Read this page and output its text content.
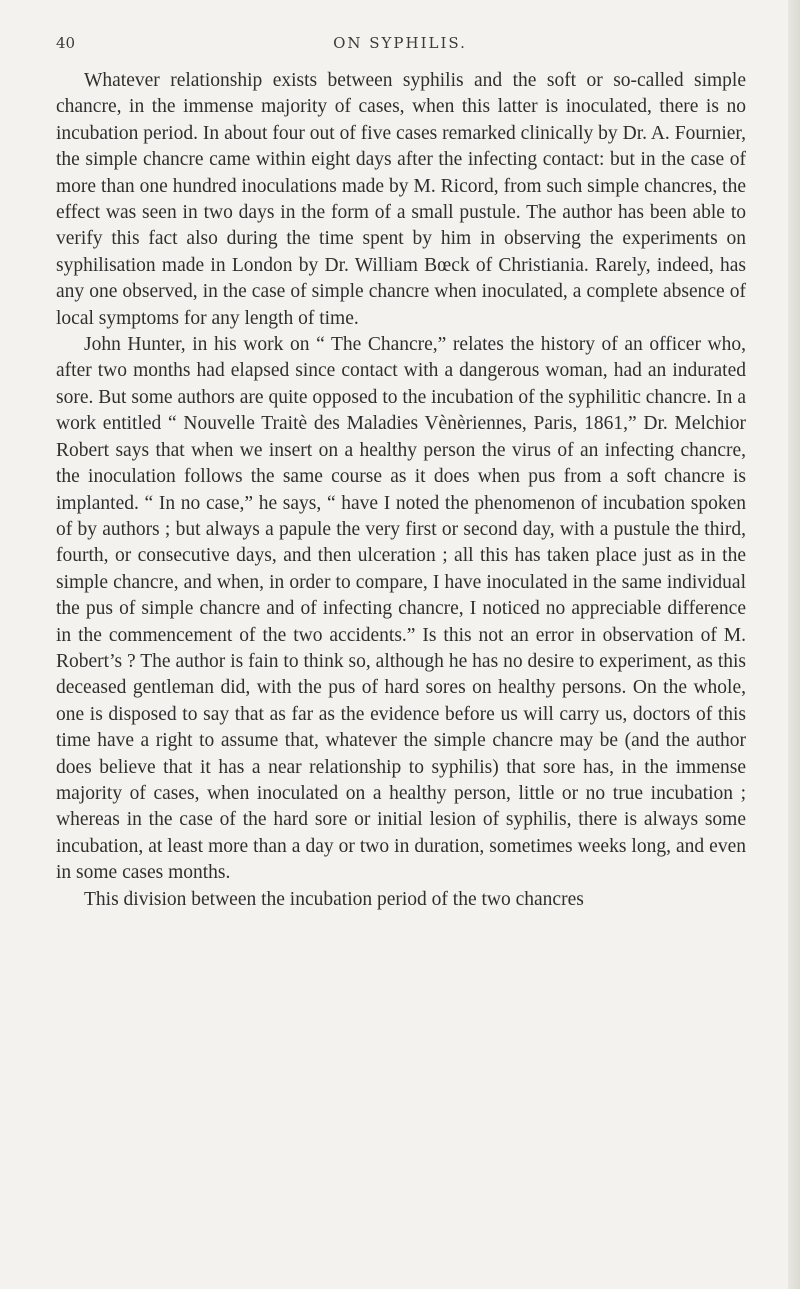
40	ON SYPHILIS.

Whatever relationship exists between syphilis and the soft or so-called simple chancre, in the immense majority of cases, when this latter is inoculated, there is no incubation period. In about four out of five cases remarked clinically by Dr. A. Fournier, the simple chancre came within eight days after the infecting contact: but in the case of more than one hundred inoculations made by M. Ricord, from such simple chancres, the effect was seen in two days in the form of a small pustule. The author has been able to verify this fact also during the time spent by him in observing the experiments on syphilisation made in London by Dr. William Bœck of Christiania. Rarely, indeed, has any one observed, in the case of simple chancre when inoculated, a complete absence of local symptoms for any length of time.

John Hunter, in his work on “ The Chancre,” relates the history of an officer who, after two months had elapsed since contact with a dangerous woman, had an indurated sore. But some authors are quite opposed to the incubation of the syphilitic chancre. In a work entitled “ Nouvelle Traitè des Maladies Vènèriennes, Paris, 1861,” Dr. Melchior Robert says that when we insert on a healthy person the virus of an infecting chancre, the inoculation follows the same course as it does when pus from a soft chancre is implanted. “ In no case,” he says, “ have I noted the phenomenon of incubation spoken of by authors ; but always a papule the very first or second day, with a pustule the third, fourth, or consecutive days, and then ulceration ; all this has taken place just as in the simple chancre, and when, in order to compare, I have inoculated in the same individual the pus of simple chancre and of infecting chancre, I noticed no appreciable difference in the commencement of the two accidents.” Is this not an error in observation of M. Robert’s ? The author is fain to think so, although he has no desire to experiment, as this deceased gentleman did, with the pus of hard sores on healthy persons. On the whole, one is disposed to say that as far as the evidence before us will carry us, doctors of this time have a right to assume that, whatever the simple chancre may be (and the author does believe that it has a near relationship to syphilis) that sore has, in the immense majority of cases, when inoculated on a healthy person, little or no true incubation ; whereas in the case of the hard sore or initial lesion of syphilis, there is always some incubation, at least more than a day or two in duration, sometimes weeks long, and even in some cases months.

This division between the incubation period of the two chancres
